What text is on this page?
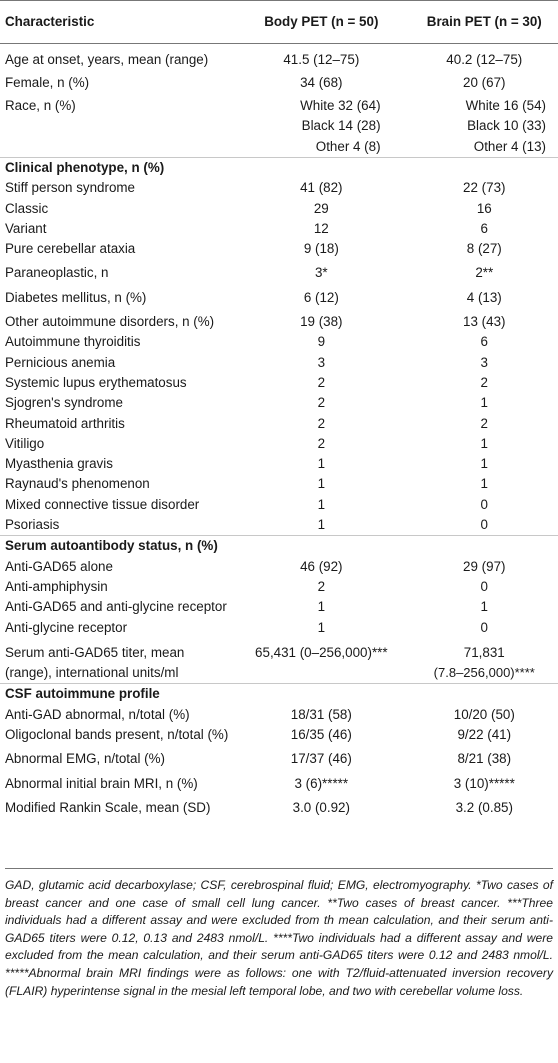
Characteristic	Body PET (n = 50)	Brain PET (n = 30)

Age at onset, years, mean (range)	41.5 (12–75)	40.2 (12–75)

Female, n (%)	34 (68)	20 (67)

Race, n (%)	White 32 (64)	White 16 (54)
	Black 14 (28)	Black 10 (33)
	Other 4 (8)	Other 4 (13)
Clinical phenotype, n (%)		
Stiff person syndrome	41 (82)	22 (73)
Classic	29	16
Variant	12	6
Pure cerebellar ataxia	9 (18)	8 (27)

Paraneoplastic, n	3*	2**

Diabetes mellitus, n (%)	6 (12)	4 (13)

Other autoimmune disorders, n (%)	19 (38)	13 (43)
Autoimmune thyroiditis	9	6
Pernicious anemia	3	3
Systemic lupus erythematosus	2	2
Sjogren's syndrome	2	1
Rheumatoid arthritis	2	2
Vitiligo	2	1
Myasthenia gravis	1	1
Raynaud's phenomenon	1	1
Mixed connective tissue disorder	1	0
Psoriasis	1	0
Serum autoantibody status, n (%)		
Anti-GAD65 alone	46 (92)	29 (97)
Anti-amphiphysin	2	0
Anti-GAD65 and anti-glycine receptor	1	1
Anti-glycine receptor	1	0

Serum anti-GAD65 titer, mean	65,431 (0–256,000)***	71,831
(range), international units/ml		(7.8–256,000)****
CSF autoimmune profile		
Anti-GAD abnormal, n/total (%)	18/31 (58)	10/20 (50)
Oligoclonal bands present, n/total (%)	16/35 (46)	9/22 (41)

Abnormal EMG, n/total (%)	17/37 (46)	8/21 (38)

Abnormal initial brain MRI, n (%)	3 (6)*****	3 (10)*****

Modified Rankin Scale, mean (SD)	3.0 (0.92)	3.2 (0.85)
GAD, glutamic acid decarboxylase; CSF, cerebrospinal fluid; EMG, electromyography. *Two cases of breast cancer and one case of small cell lung cancer. **Two cases of breast cancer. ***Three individuals had a different assay and were excluded from th mean calculation, and their serum anti-GAD65 titers were 0.12, 0.13 and 2483 nmol/L. ****Two individuals had a different assay and were excluded from the mean calculation, and their serum anti-GAD65 titers were 0.12 and 2483 nmol/L. *****Abnormal brain MRI findings were as follows: one with T2/fluid-attenuated inversion recovery (FLAIR) hyperintense signal in the mesial left temporal lobe, and two with cerebellar volume loss.
